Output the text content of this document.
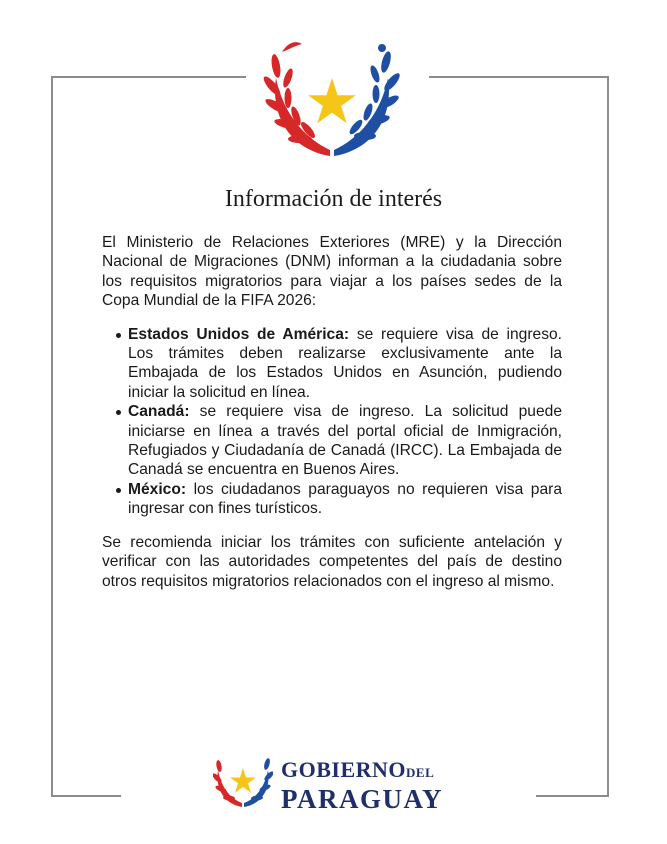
Información de interés

El Ministerio de Relaciones Exteriores (MRE) y la Dirección Nacional de Migraciones (DNM) informan a la ciudadania sobre los requisitos migratorios para viajar a los países sedes de la Copa Mundial de la FIFA 2026:

Estados Unidos de América: se requiere visa de ingreso. Los trámites deben realizarse exclusivamente ante la Embajada de los Estados Unidos en Asunción, pudiendo iniciar la solicitud en línea.
Canadá: se requiere visa de ingreso. La solicitud puede iniciarse en línea a través del portal oficial de Inmigración, Refugiados y Ciudadanía de Canadá (IRCC). La Embajada de Canadá se encuentra en Buenos Aires.
México: los ciudadanos paraguayos no requieren visa para ingresar con fines turísticos.

Se recomienda iniciar los trámites con suficiente antelación y verificar con las autoridades competentes del país de destino otros requisitos migratorios relacionados con el ingreso al mismo.

GOBIERNODEL
PARAGUAY
